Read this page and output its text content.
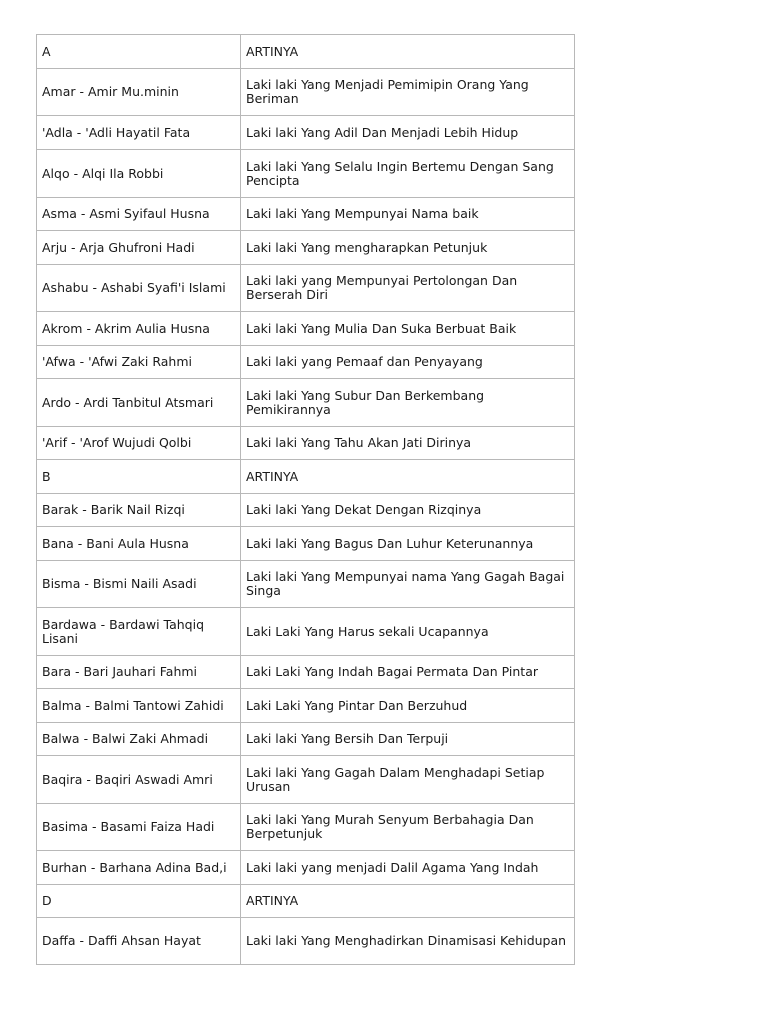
A	ARTINYA
Amar - Amir Mu.minin	Laki laki Yang Menjadi Pemimipin Orang Yang Beriman
'Adla - 'Adli Hayatil Fata	Laki laki Yang Adil Dan Menjadi Lebih Hidup
Alqo - Alqi Ila Robbi	Laki laki Yang Selalu Ingin Bertemu Dengan Sang Pencipta
Asma - Asmi Syifaul Husna	Laki laki Yang Mempunyai Nama baik
Arju - Arja Ghufroni Hadi	Laki laki Yang mengharapkan Petunjuk
Ashabu - Ashabi Syafi'i Islami	Laki laki yang Mempunyai Pertolongan Dan Berserah Diri
Akrom - Akrim Aulia Husna	Laki laki Yang Mulia Dan Suka Berbuat Baik
'Afwa - 'Afwi Zaki Rahmi	Laki laki yang Pemaaf dan Penyayang
Ardo - Ardi Tanbitul Atsmari	Laki laki Yang Subur Dan Berkembang Pemikirannya
'Arif - 'Arof Wujudi Qolbi	Laki laki Yang Tahu Akan Jati Dirinya
B	ARTINYA
Barak - Barik Nail Rizqi	Laki laki Yang Dekat Dengan Rizqinya
Bana - Bani Aula Husna	Laki laki Yang Bagus Dan Luhur Keterunannya
Bisma - Bismi Naili Asadi	Laki laki Yang Mempunyai nama Yang Gagah Bagai Singa
Bardawa - Bardawi Tahqiq Lisani	Laki Laki Yang Harus sekali Ucapannya
Bara - Bari Jauhari Fahmi	Laki Laki Yang Indah Bagai Permata Dan Pintar
Balma - Balmi Tantowi Zahidi	Laki Laki Yang Pintar Dan Berzuhud
Balwa - Balwi Zaki Ahmadi	Laki laki Yang Bersih Dan Terpuji
Baqira - Baqiri Aswadi Amri	Laki laki Yang Gagah Dalam Menghadapi Setiap Urusan
Basima - Basami Faiza Hadi	Laki laki Yang Murah Senyum Berbahagia Dan Berpetunjuk
Burhan - Barhana Adina Bad,i	Laki laki yang menjadi Dalil Agama Yang Indah
D	ARTINYA
Daffa - Daffi Ahsan Hayat	Laki laki Yang Menghadirkan Dinamisasi Kehidupan
